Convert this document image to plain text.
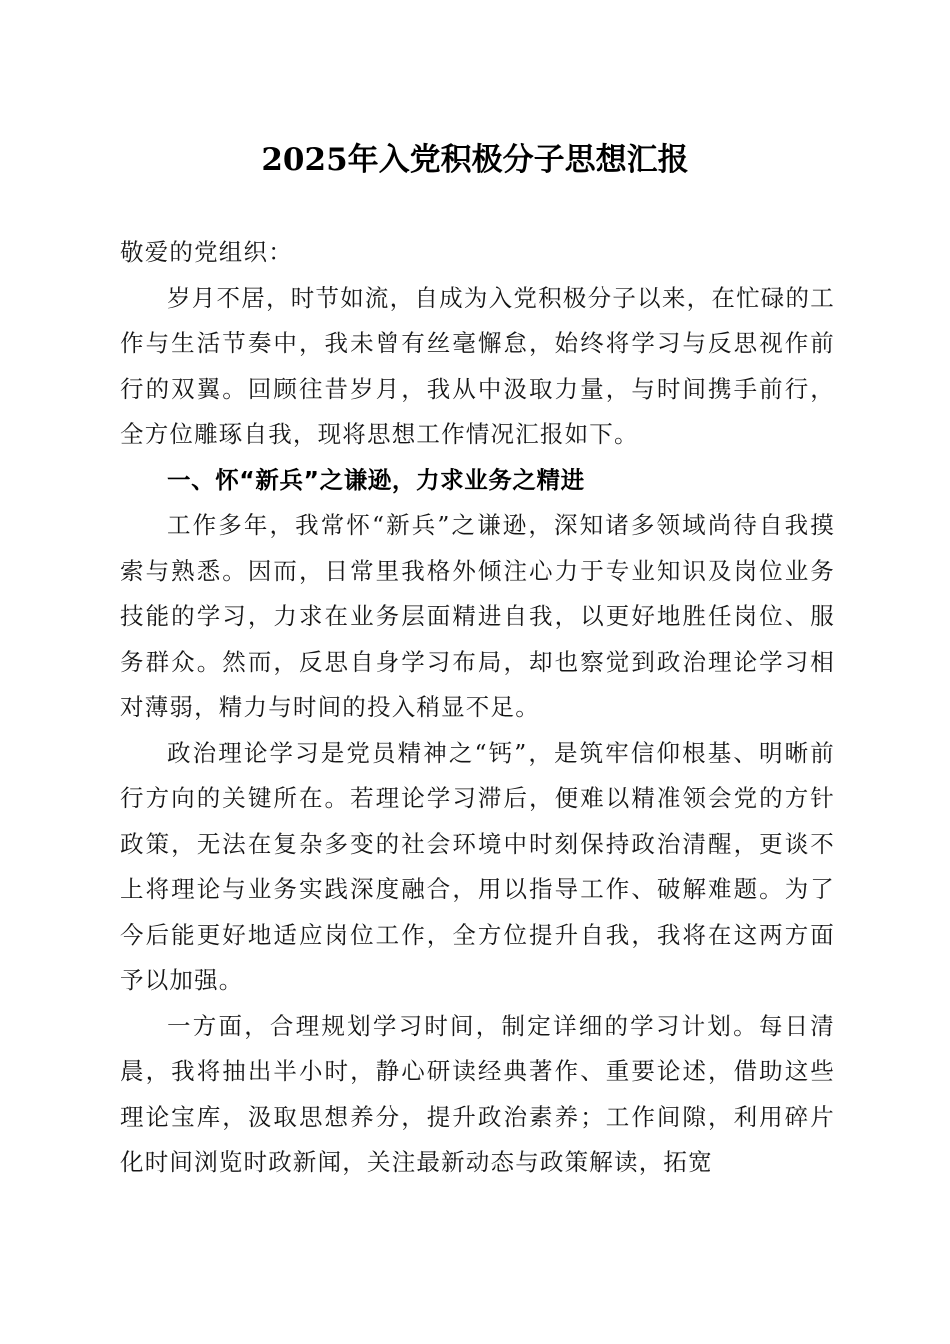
2025年入党积极分子思想汇报

敬爱的党组织：

岁月不居，时节如流，自成为入党积极分子以来，在忙碌的工作与生活节奏中，我未曾有丝毫懈怠，始终将学习与反思视作前行的双翼。回顾往昔岁月，我从中汲取力量，与时间携手前行，全方位雕琢自我，现将思想工作情况汇报如下。

一、怀“新兵”之谦逊，力求业务之精进

工作多年，我常怀“新兵”之谦逊，深知诸多领域尚待自我摸索与熟悉。因而，日常里我格外倾注心力于专业知识及岗位业务技能的学习，力求在业务层面精进自我，以更好地胜任岗位、服务群众。然而，反思自身学习布局，却也察觉到政治理论学习相对薄弱，精力与时间的投入稍显不足。

政治理论学习是党员精神之“钙”，是筑牢信仰根基、明晰前行方向的关键所在。若理论学习滞后，便难以精准领会党的方针政策，无法在复杂多变的社会环境中时刻保持政治清醒，更谈不上将理论与业务实践深度融合，用以指导工作、破解难题。为了今后能更好地适应岗位工作，全方位提升自我，我将在这两方面予以加强。

一方面，合理规划学习时间，制定详细的学习计划。每日清晨，我将抽出半小时，静心研读经典著作、重要论述，借助这些理论宝库，汲取思想养分，提升政治素养；工作间隙，利用碎片化时间浏览时政新闻，关注最新动态与政策解读，拓宽
